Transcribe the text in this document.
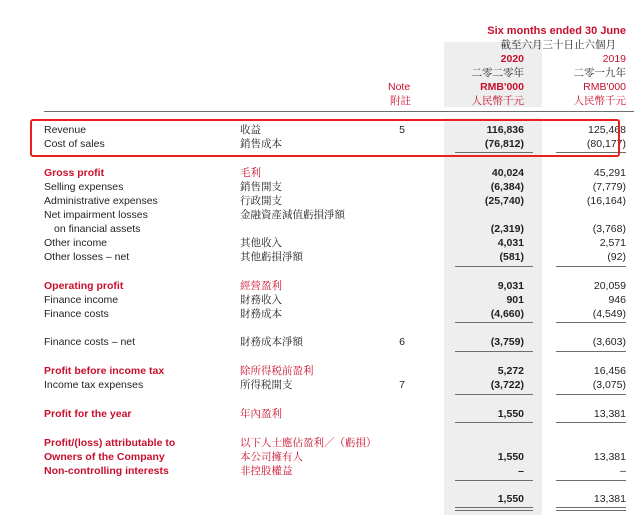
Six months ended 30 June
截至六月三十日止六個月
2020	2019
二零二零年	二零一九年
Note	RMB'000	RMB'000
附註	人民幣千元	人民幣千元
Revenue	收益	5	116,836	125,468
Cost of sales	銷售成本	(76,812)	(80,177)
Gross profit	毛利	40,024	45,291
Selling expenses	銷售開支	(6,384)	(7,779)
Administrative expenses	行政開支	(25,740)	(16,164)
Net impairment losses	金融資產減值虧損淨額
on financial assets	(2,319)	(3,768)
Other income	其他收入	4,031	2,571
Other losses – net	其他虧損淨額	(581)	(92)
Operating profit	經營盈利	9,031	20,059
Finance income	財務收入	901	946
Finance costs	財務成本	(4,660)	(4,549)
Finance costs – net	財務成本淨額	6	(3,759)	(3,603)
Profit before income tax	除所得税前盈利	5,272	16,456
Income tax expenses	所得税開支	7	(3,722)	(3,075)
Profit for the year	年內盈利	1,550	13,381
Profit/(loss) attributable to	以下人士應佔盈利／（虧損）
Owners of the Company	本公司擁有人	1,550	13,381
Non-controlling interests	非控股權益	–	–
1,550	13,381
